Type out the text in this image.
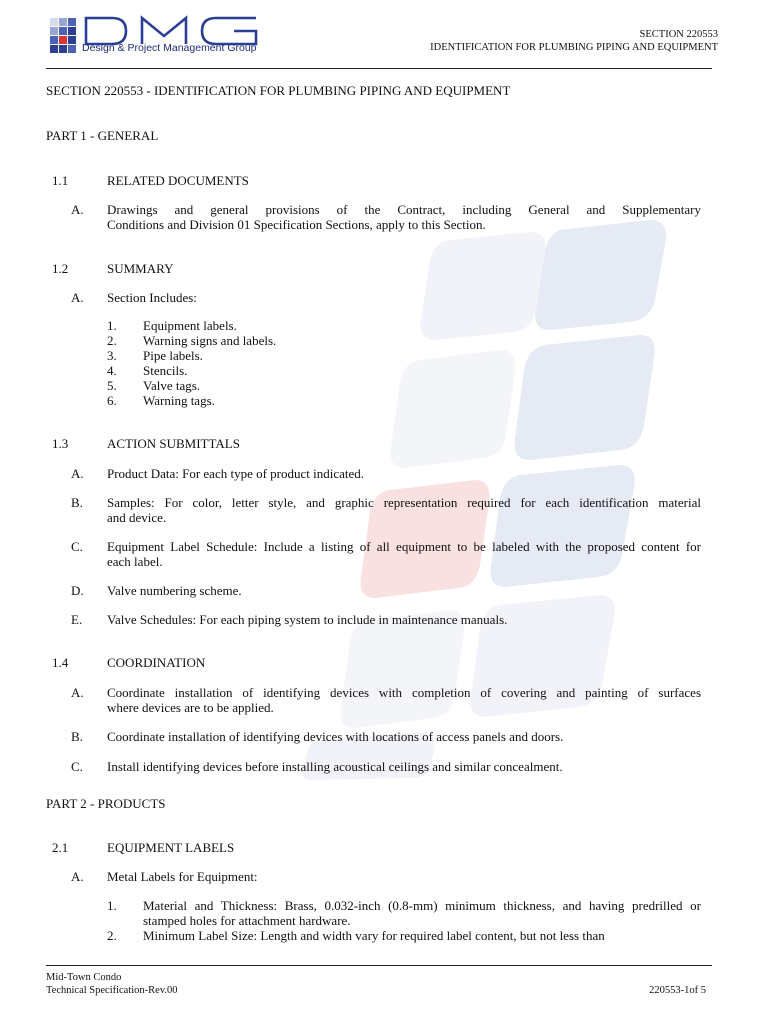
Design & Project Management Group
SECTION 220553
IDENTIFICATION FOR PLUMBING PIPING AND EQUIPMENT
SECTION 220553 - IDENTIFICATION FOR PLUMBING PIPING AND EQUIPMENT
PART 1 - GENERAL
1.1	RELATED DOCUMENTS
A. Drawings and general provisions of the Contract, including General and Supplementary
Conditions and Division 01 Specification Sections, apply to this Section.
1.2	SUMMARY
A. Section Includes:
1. Equipment labels.
2. Warning signs and labels.
3. Pipe labels.
4. Stencils.
5. Valve tags.
6. Warning tags.
1.3	ACTION SUBMITTALS
A. Product Data: For each type of product indicated.
B. Samples: For color, letter style, and graphic representation required for each identification material
and device.
C. Equipment Label Schedule: Include a listing of all equipment to be labeled with the proposed content for
each label.
D. Valve numbering scheme.
E. Valve Schedules: For each piping system to include in maintenance manuals.
1.4	COORDINATION
A. Coordinate installation of identifying devices with completion of covering and painting of surfaces
where devices are to be applied.
B. Coordinate installation of identifying devices with locations of access panels and doors.
C. Install identifying devices before installing acoustical ceilings and similar concealment.
PART 2 - PRODUCTS
2.1	EQUIPMENT LABELS
A. Metal Labels for Equipment:
1. Material and Thickness: Brass, 0.032-inch (0.8-mm) minimum thickness, and having predrilled or
stamped holes for attachment hardware.
2. Minimum Label Size: Length and width vary for required label content, but not less than
Mid-Town Condo
Technical Specification-Rev.00	220553-1of 5
